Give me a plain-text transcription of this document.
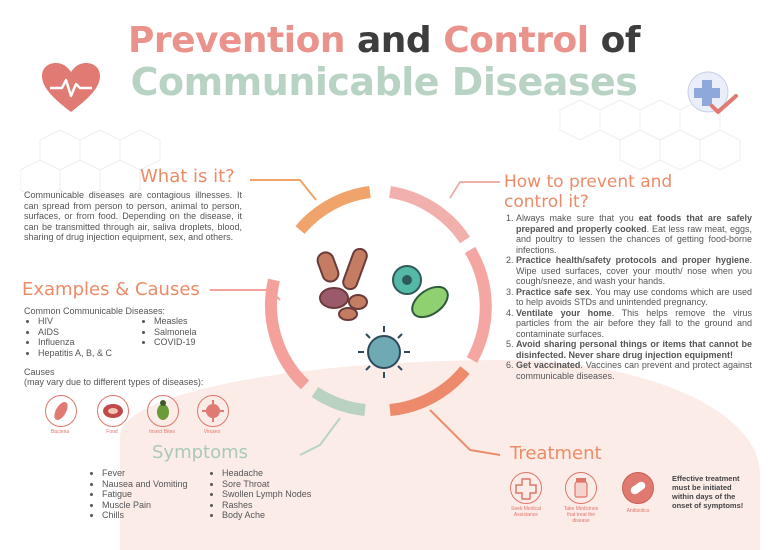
Prevention and Control of
Communicable Diseases
What is it?
Communicable diseases are contagious illnesses. It can spread from person to person, animal to person, surfaces, or from food. Depending on the disease, it can be transmitted through air, saliva droplets, blood, sharing of drug injection equipment, sex, and others.
Examples & Causes
Common Communicable Diseases:
• HIV
• AIDS
• Influenza
• Hepatitis A, B, & C
• Measles
• Salmonela
• COVID-19
Causes
(may vary due to different types of diseases):
Bacteria	Food	Insect Bites	Viruses
Symptoms
• Fever
• Nausea and Vomiting
• Fatigue
• Muscle Pain
• Chills
• Headache
• Sore Throat
• Swollen Lymph Nodes
• Rashes
• Body Ache
How to prevent and
control it?
1. Always make sure that you eat foods that are safely prepared and properly cooked. Eat less raw meat, eggs, and poultry to lessen the chances of getting food-borne infections.
2. Practice health/safety protocols and proper hygiene. Wipe used surfaces, cover your mouth/ nose when you cough/sneeze, and wash your hands.
3. Practice safe sex. You may use condoms which are used to help avoids STDs and unintended pregnancy.
4. Ventilate your home. This helps remove the virus particles from the air before they fall to the ground and contaminate surfaces.
5. Avoid sharing personal things or items that cannot be disinfected. Never share drug injection equipment!
6. Get vaccinated. Vaccines can prevent and protect against communicable diseases.
Treatment
Seek Medical Assistance
Take Medicines that treat the disease
Antibiotics
Effective treatment must be initiated within days of the onset of symptoms!
